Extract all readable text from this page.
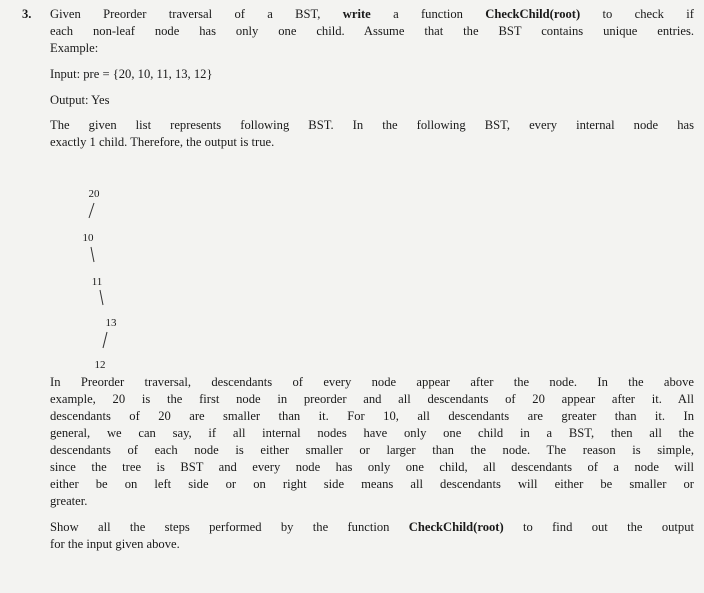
3. Given Preorder traversal of a BST, write a function CheckChild(root) to check if
each non-leaf node has only one child. Assume that the BST contains unique entries.
Example:
Input: pre = {20, 10, 11, 13, 12}
Output: Yes
The given list represents following BST. In the following BST, every internal node has
exactly 1 child. Therefore, the output is true.
20
10
11
13
12
In Preorder traversal, descendants of every node appear after the node. In the above
example, 20 is the first node in preorder and all descendants of 20 appear after it. All
descendants of 20 are smaller than it. For 10, all descendants are greater than it. In
general, we can say, if all internal nodes have only one child in a BST, then all the
descendants of each node is either smaller or larger than the node. The reason is simple,
since the tree is BST and every node has only one child, all descendants of a node will
either be on left side or on right side means all descendants will either be smaller or
greater.
Show all the steps performed by the function CheckChild(root) to find out the output
for the input given above.
